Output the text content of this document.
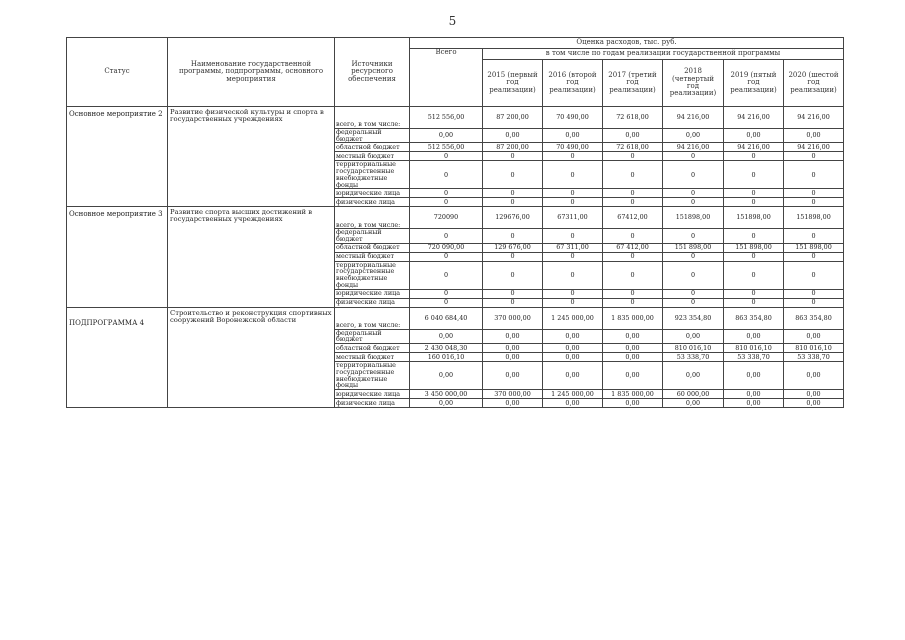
5
Статус	Наименование государственной программы, подпрограммы, основного мероприятия	Источники ресурсного обеспечения	Оценка расходов, тыс. руб.						
			Всего	в том числе по годам реализации государственной программы					
				2015 (первый год реализации)	2016 (второй год реализации)	2017 (третий год реализации)	2018 (четвертый год реализации)	2019 (пятый год реализации)	2020 (шестой год реализации)
Основное мероприятие 2	Развитие физической культуры и спорта в государственных учреждениях	всего, в том числе:	512 556,00	87 200,00	70 490,00	72 618,00	94 216,00	94 216,00	94 216,00
		федеральный бюджет	0,00	0,00	0,00	0,00	0,00	0,00	0,00
		областной бюджет	512 556,00	87 200,00	70 490,00	72 618,00	94 216,00	94 216,00	94 216,00
		местный бюджет	0	0	0	0	0	0	0
		территориальные государственные внебюджетные фонды	0	0	0	0	0	0	0
		юридические лица	0	0	0	0	0	0	0
		физические лица	0	0	0	0	0	0	0
Основное мероприятие 3	Развитие спорта высших достижений в государственных учреждениях	всего, в том числе:	720090	129676,00	67311,00	67412,00	151898,00	151898,00	151898,00
		федеральный бюджет	0	0	0	0	0	0	0
		областной бюджет	720 090,00	129 676,00	67 311,00	67 412,00	151 898,00	151 898,00	151 898,00
		местный бюджет	0	0	0	0	0	0	0
		территориальные государственные внебюджетные фонды	0	0	0	0	0	0	0
		юридические лица	0	0	0	0	0	0	0
		физические лица	0	0	0	0	0	0	0
ПОДПРОГРАММА 4	Строительство и реконструкция спортивных сооружений Воронежской области	всего, в том числе:	6 040 684,40	370 000,00	1 245 000,00	1 835 000,00	923 354,80	863 354,80	863 354,80
		федеральный бюджет	0,00	0,00	0,00	0,00	0,00	0,00	0,00
		областной бюджет	2 430 048,30	0,00	0,00	0,00	810 016,10	810 016,10	810 016,10
		местный бюджет	160 016,10	0,00	0,00	0,00	53 338,70	53 338,70	53 338,70
		территориальные государственные внебюджетные фонды	0,00	0,00	0,00	0,00	0,00	0,00	0,00
		юридические лица	3 450 000,00	370 000,00	1 245 000,00	1 835 000,00	60 000,00	0,00	0,00
		физические лица	0,00	0,00	0,00	0,00	0,00	0,00	0,00
